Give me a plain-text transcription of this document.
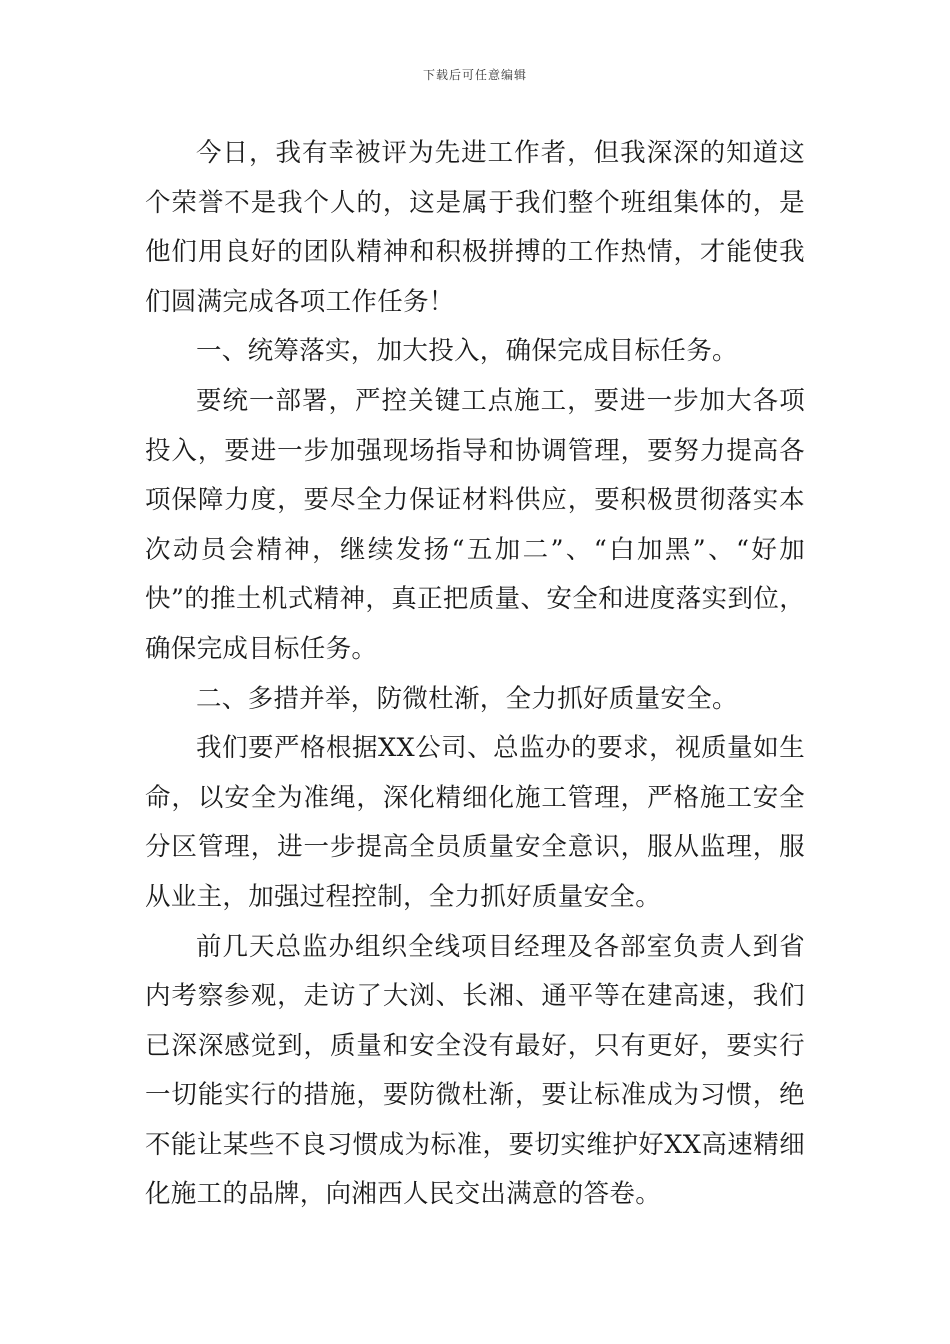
下载后可任意编辑

今日，我有幸被评为先进工作者，但我深深的知道这个荣誉不是我个人的，这是属于我们整个班组集体的，是他们用良好的团队精神和积极拼搏的工作热情，才能使我们圆满完成各项工作任务！

一、统筹落实，加大投入，确保完成目标任务。

要统一部署，严控关键工点施工，要进一步加大各项投入，要进一步加强现场指导和协调管理，要努力提高各项保障力度，要尽全力保证材料供应，要积极贯彻落实本次动员会精神，继续发扬“五加二”、“白加黑”、“好加快”的推土机式精神，真正把质量、安全和进度落实到位，确保完成目标任务。

二、多措并举，防微杜渐，全力抓好质量安全。

我们要严格根据XX公司、总监办的要求，视质量如生命，以安全为准绳，深化精细化施工管理，严格施工安全分区管理，进一步提高全员质量安全意识，服从监理，服从业主，加强过程控制，全力抓好质量安全。

前几天总监办组织全线项目经理及各部室负责人到省内考察参观，走访了大浏、长湘、通平等在建高速，我们已深深感觉到，质量和安全没有最好，只有更好，要实行一切能实行的措施，要防微杜渐，要让标准成为习惯，绝不能让某些不良习惯成为标准，要切实维护好XX高速精细化施工的品牌，向湘西人民交出满意的答卷。
